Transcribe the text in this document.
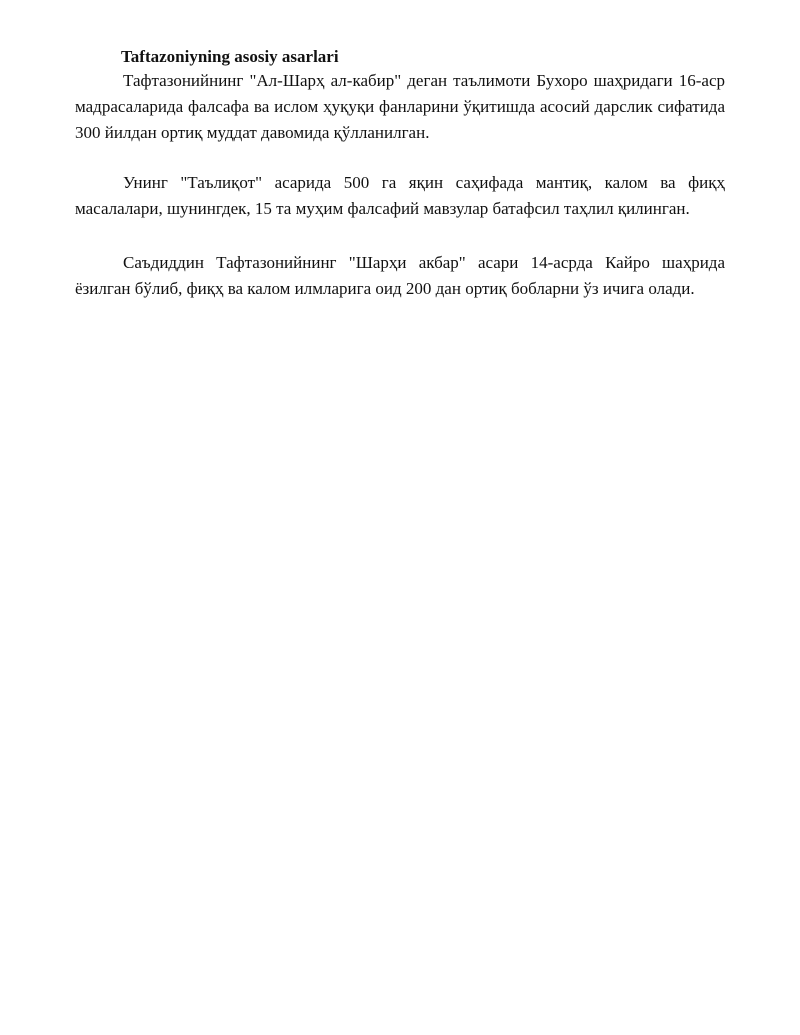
Taftazoniyning asosiy asarlari

Тафтазонийнинг "Ал-Шарҳ ал-кабир" деган таълимоти Бухоро шаҳридаги 16-аср мадрасаларида фалсафа ва ислом ҳуқуқи фанларини ўқитишда асосий дарслик сифатида 300 йилдан ортиқ муддат давомида қўлланилган.

Унинг "Таълиқот" асарида 500 га яқин саҳифада мантиқ, калом ва фиқҳ масалалари, шунингдек, 15 та муҳим фалсафий мавзулар батафсил таҳлил қилинган.

Саъдиддин Тафтазонийнинг "Шарҳи акбар" асари 14-асрда Кайро шаҳрида ёзилган бўлиб, фиқҳ ва калом илмларига оид 200 дан ортиқ бобларни ўз ичига олади.
